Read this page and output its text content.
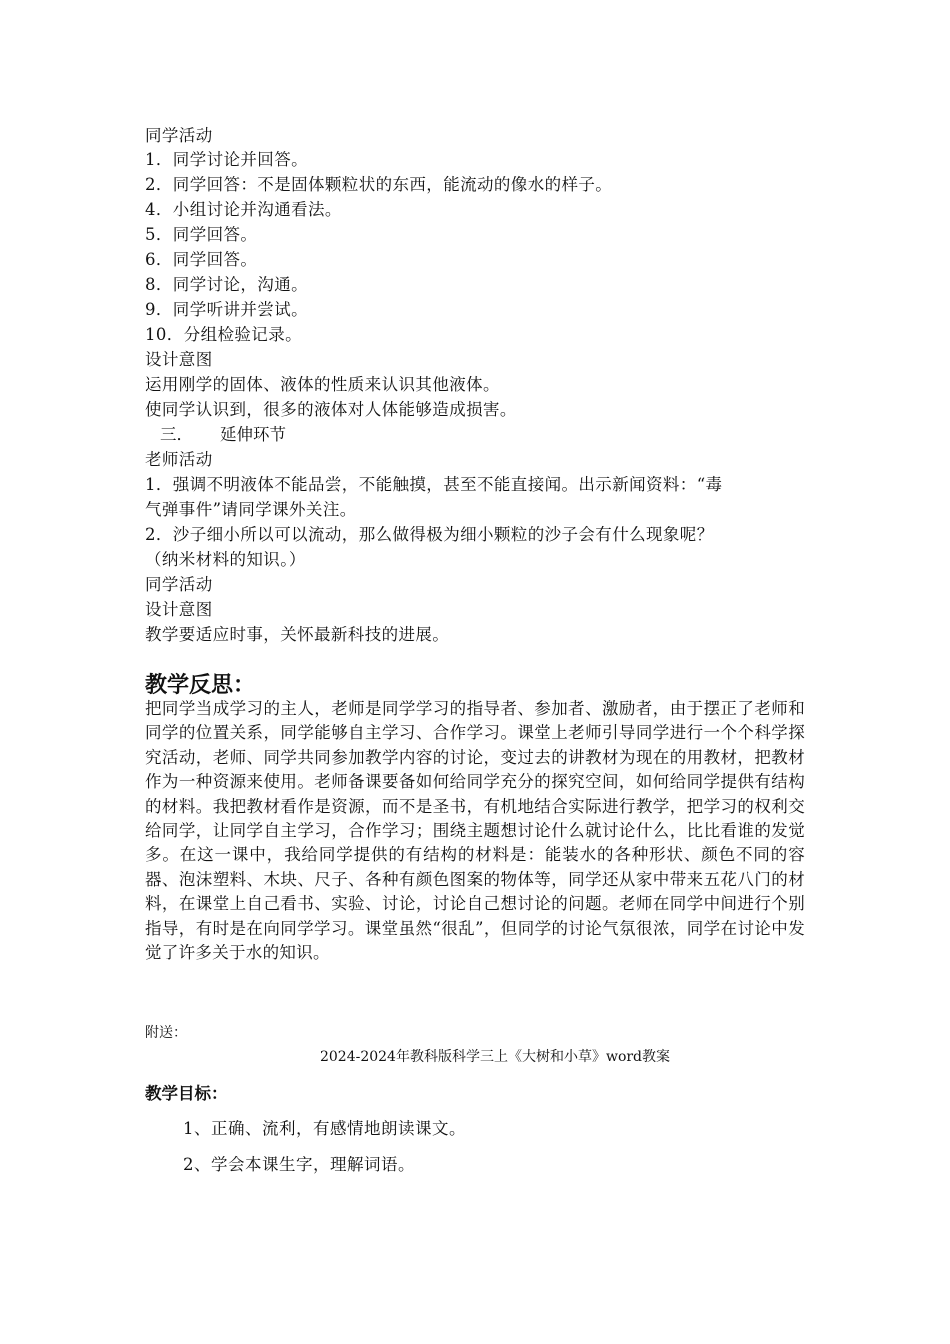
同学活动
1．同学讨论并回答。
2．同学回答：不是固体颗粒状的东西，能流动的像水的样子。
4．小组讨论并沟通看法。
5．同学回答。
6．同学回答。
8．同学讨论，沟通。
9．同学听讲并尝试。
10．分组检验记录。
设计意图
运用刚学的固体、液体的性质来认识其他液体。
使同学认识到，很多的液体对人体能够造成损害。
三． 延伸环节
老师活动
1．强调不明液体不能品尝，不能触摸，甚至不能直接闻。出示新闻资料：“毒
气弹事件”请同学课外关注。
2．沙子细小所以可以流动，那么做得极为细小颗粒的沙子会有什么现象呢？
（纳米材料的知识。）
同学活动
设计意图
教学要适应时事，关怀最新科技的进展。
教学反思：
把同学当成学习的主人，老师是同学学习的指导者、参加者、激励者，由于摆正了老师和同学的位置关系，同学能够自主学习、合作学习。课堂上老师引导同学进行一个个科学探究活动，老师、同学共同参加教学内容的讨论，变过去的讲教材为现在的用教材，把教材作为一种资源来使用。老师备课要备如何给同学充分的探究空间，如何给同学提供有结构的材料。我把教材看作是资源，而不是圣书，有机地结合实际进行教学，把学习的权利交给同学，让同学自主学习，合作学习；围绕主题想讨论什么就讨论什么，比比看谁的发觉多。在这一课中，我给同学提供的有结构的材料是：能装水的各种形状、颜色不同的容器、泡沫塑料、木块、尺子、各种有颜色图案的物体等，同学还从家中带来五花八门的材料，在课堂上自己看书、实验、讨论，讨论自己想讨论的问题。老师在同学中间进行个别指导，有时是在向同学学习。课堂虽然“很乱”，但同学的讨论气氛很浓，同学在讨论中发觉了许多关于水的知识。
附送：
2024-2024年教科版科学三上《大树和小草》word教案
教学目标：
1、正确、流利，有感情地朗读课文。
2、学会本课生字，理解词语。
